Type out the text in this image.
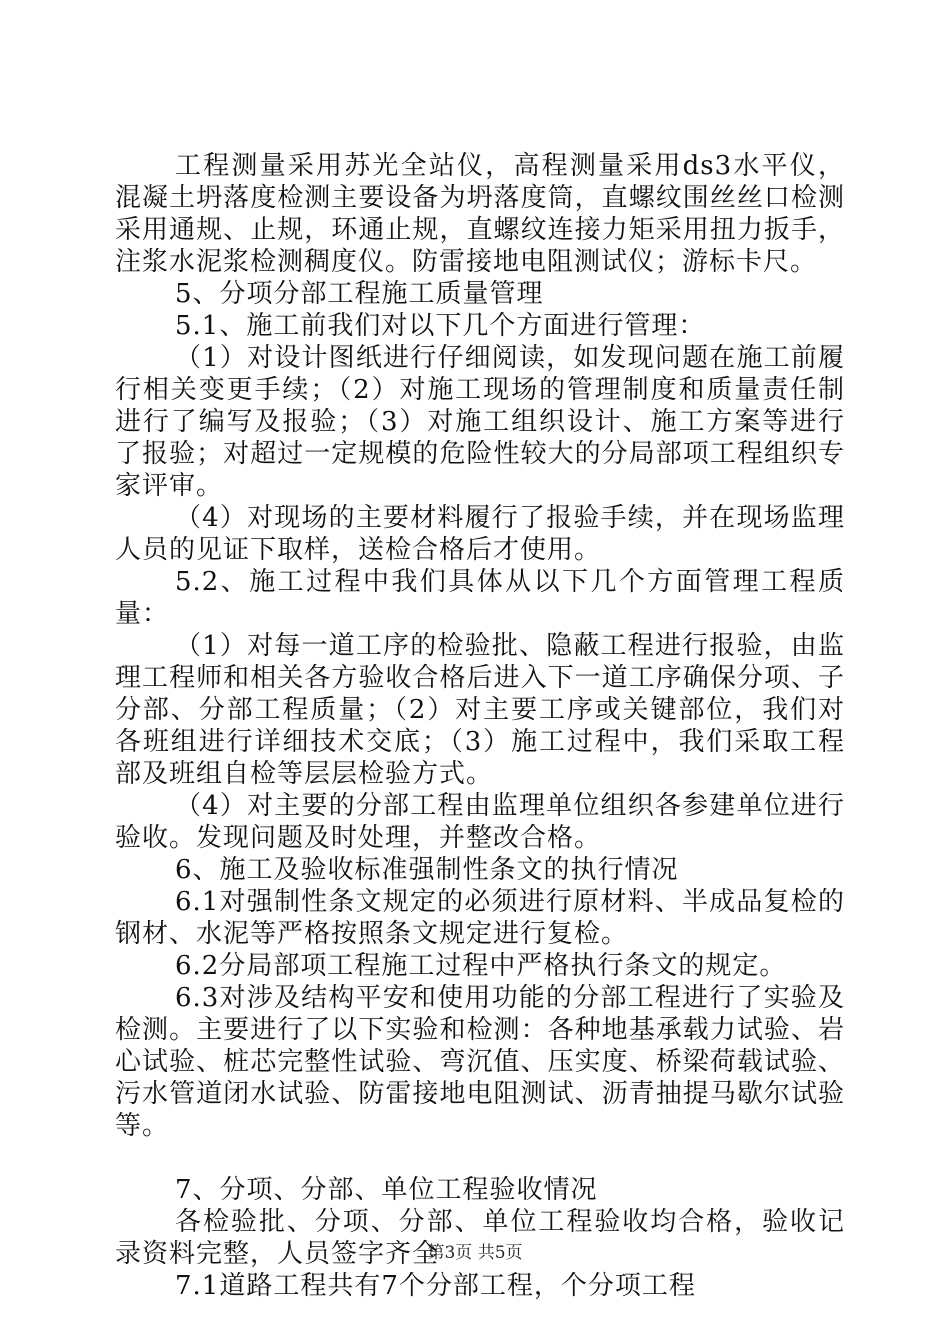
工程测量采用苏光全站仪，高程测量采用ds3水平仪，混凝土坍落度检测主要设备为坍落度筒，直螺纹围丝丝口检测采用通规、止规，环通止规，直螺纹连接力矩采用扭力扳手，注浆水泥浆检测稠度仪。防雷接地电阻测试仪；游标卡尺。

5、分项分部工程施工质量管理

5.1、施工前我们对以下几个方面进行管理：

（1）对设计图纸进行仔细阅读，如发现问题在施工前履行相关变更手续；（2）对施工现场的管理制度和质量责任制进行了编写及报验；（3）对施工组织设计、施工方案等进行了报验；对超过一定规模的危险性较大的分局部项工程组织专家评审。

（4）对现场的主要材料履行了报验手续，并在现场监理人员的见证下取样，送检合格后才使用。

5.2、施工过程中我们具体从以下几个方面管理工程质量：

（1）对每一道工序的检验批、隐蔽工程进行报验，由监理工程师和相关各方验收合格后进入下一道工序确保分项、子分部、分部工程质量；（2）对主要工序或关键部位，我们对各班组进行详细技术交底；（3）施工过程中，我们采取工程部及班组自检等层层检验方式。

（4）对主要的分部工程由监理单位组织各参建单位进行验收。发现问题及时处理，并整改合格。

6、施工及验收标准强制性条文的执行情况

6.1对强制性条文规定的必须进行原材料、半成品复检的钢材、水泥等严格按照条文规定进行复检。

6.2分局部项工程施工过程中严格执行条文的规定。

6.3对涉及结构平安和使用功能的分部工程进行了实验及检测。主要进行了以下实验和检测：各种地基承载力试验、岩心试验、桩芯完整性试验、弯沉值、压实度、桥梁荷载试验、污水管道闭水试验、防雷接地电阻测试、沥青抽提马歇尔试验等。

7、分项、分部、单位工程验收情况

各检验批、分项、分部、单位工程验收均合格，验收记录资料完整，人员签字齐全

7.1道路工程共有7个分部工程，个分项工程

第3页 共5页
